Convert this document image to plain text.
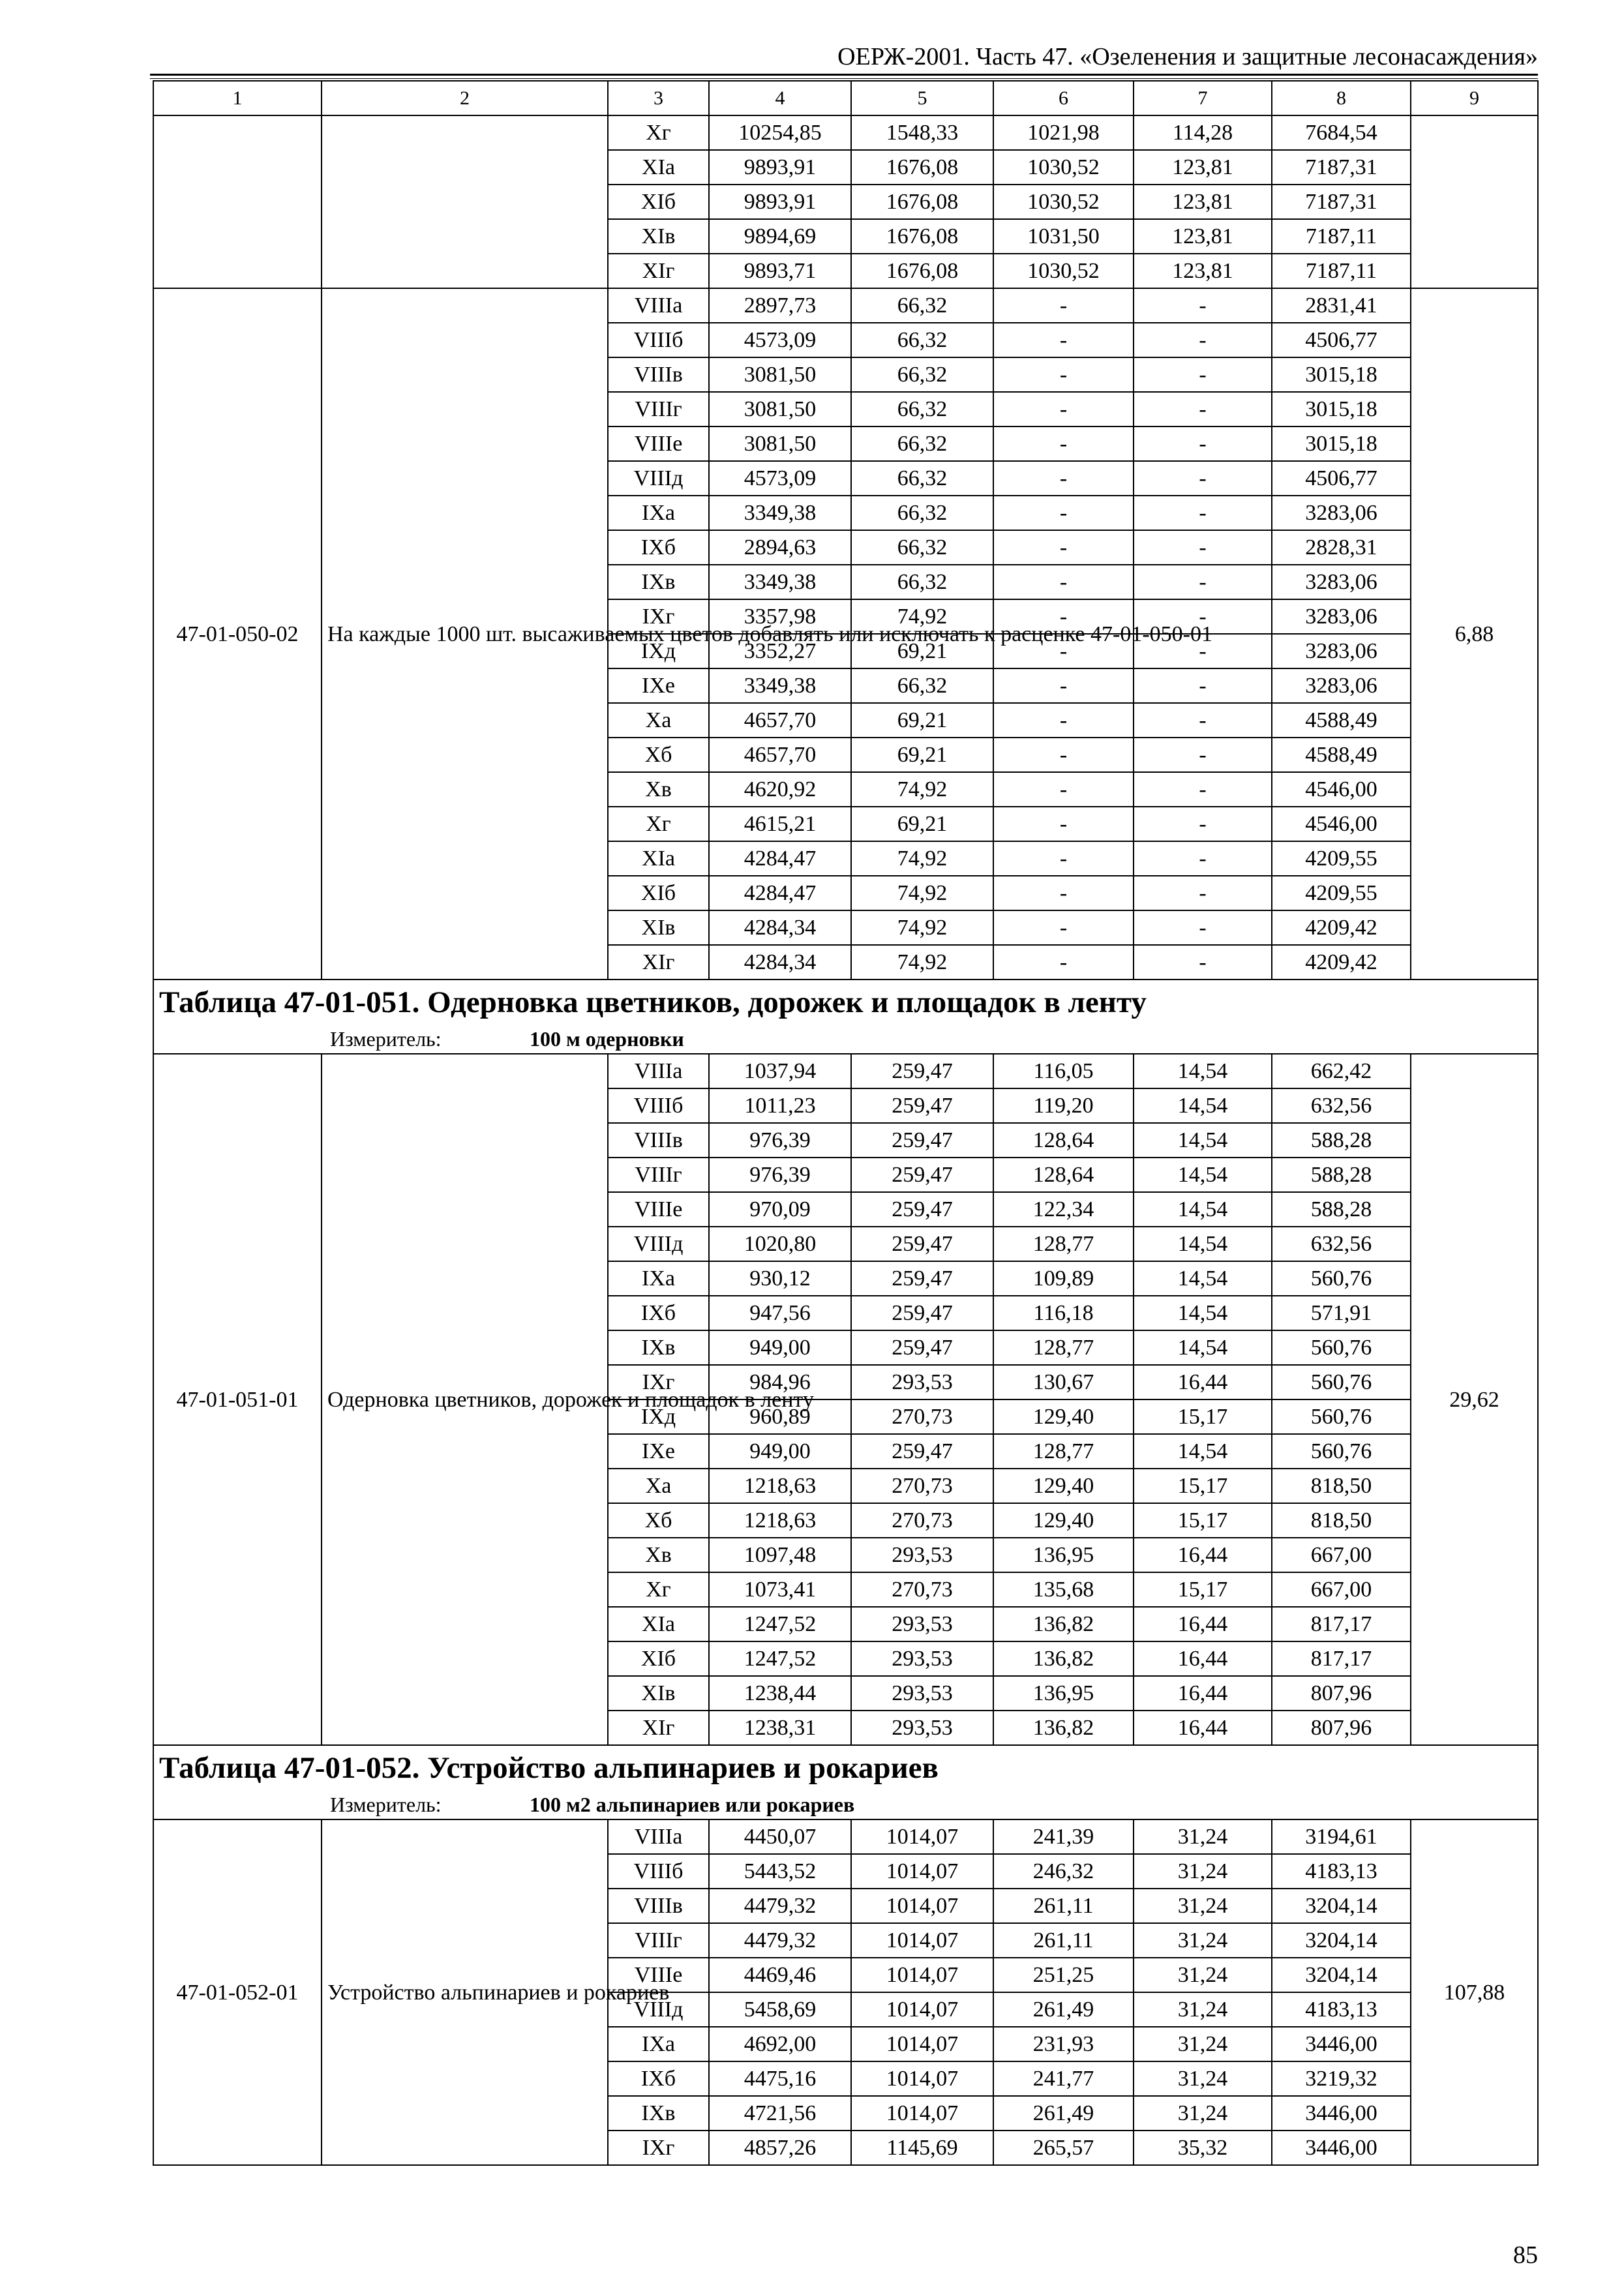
ОЕРЖ-2001. Часть 47. «Озеленения и защитные лесонасаждения»
1	2	3	4	5	6	7	8	9
		Xг	10254,85	1548,33	1021,98	114,28	7684,54	
		XIa	9893,91	1676,08	1030,52	123,81	7187,31	
		XIб	9893,91	1676,08	1030,52	123,81	7187,31	
		XIв	9894,69	1676,08	1031,50	123,81	7187,11	
		XIг	9893,71	1676,08	1030,52	123,81	7187,11	
47-01-050-02	На каждые 1000 шт. высаживаемых цветов добавлять или исключать к расценке 47-01-050-01	VIIIa	2897,73	66,32	-	-	2831,41	6,88
		VIIIб	4573,09	66,32	-	-	4506,77	
		VIIIв	3081,50	66,32	-	-	3015,18	
		VIIIг	3081,50	66,32	-	-	3015,18	
		VIIIe	3081,50	66,32	-	-	3015,18	
		VIIIд	4573,09	66,32	-	-	4506,77	
		IXa	3349,38	66,32	-	-	3283,06	
		IXб	2894,63	66,32	-	-	2828,31	
		IXв	3349,38	66,32	-	-	3283,06	
		IXг	3357,98	74,92	-	-	3283,06	
		IXд	3352,27	69,21	-	-	3283,06	
		IXe	3349,38	66,32	-	-	3283,06	
		Xa	4657,70	69,21	-	-	4588,49	
		Xб	4657,70	69,21	-	-	4588,49	
		Xв	4620,92	74,92	-	-	4546,00	
		Xг	4615,21	69,21	-	-	4546,00	
		XIa	4284,47	74,92	-	-	4209,55	
		XIб	4284,47	74,92	-	-	4209,55	
		XIв	4284,34	74,92	-	-	4209,42	
		XIг	4284,34	74,92	-	-	4209,42	
Таблица 47-01-051. Одерновка цветников, дорожек и площадок в ленту								
Измеритель: 100 м одерновки								
47-01-051-01	Одерновка цветников, дорожек и площадок в ленту	VIIIa	1037,94	259,47	116,05	14,54	662,42	29,62
		VIIIб	1011,23	259,47	119,20	14,54	632,56	
		VIIIв	976,39	259,47	128,64	14,54	588,28	
		VIIIг	976,39	259,47	128,64	14,54	588,28	
		VIIIe	970,09	259,47	122,34	14,54	588,28	
		VIIIд	1020,80	259,47	128,77	14,54	632,56	
		IXa	930,12	259,47	109,89	14,54	560,76	
		IXб	947,56	259,47	116,18	14,54	571,91	
		IXв	949,00	259,47	128,77	14,54	560,76	
		IXг	984,96	293,53	130,67	16,44	560,76	
		IXд	960,89	270,73	129,40	15,17	560,76	
		IXe	949,00	259,47	128,77	14,54	560,76	
		Xa	1218,63	270,73	129,40	15,17	818,50	
		Xб	1218,63	270,73	129,40	15,17	818,50	
		Xв	1097,48	293,53	136,95	16,44	667,00	
		Xг	1073,41	270,73	135,68	15,17	667,00	
		XIa	1247,52	293,53	136,82	16,44	817,17	
		XIб	1247,52	293,53	136,82	16,44	817,17	
		XIв	1238,44	293,53	136,95	16,44	807,96	
		XIг	1238,31	293,53	136,82	16,44	807,96	
Таблица 47-01-052. Устройство альпинариев и рокариев								
Измеритель: 100 м2 альпинариев или рокариев								
47-01-052-01	Устройство альпинариев и рокариев	VIIIa	4450,07	1014,07	241,39	31,24	3194,61	107,88
		VIIIб	5443,52	1014,07	246,32	31,24	4183,13	
		VIIIв	4479,32	1014,07	261,11	31,24	3204,14	
		VIIIг	4479,32	1014,07	261,11	31,24	3204,14	
		VIIIe	4469,46	1014,07	251,25	31,24	3204,14	
		VIIIд	5458,69	1014,07	261,49	31,24	4183,13	
		IXa	4692,00	1014,07	231,93	31,24	3446,00	
		IXб	4475,16	1014,07	241,77	31,24	3219,32	
		IXв	4721,56	1014,07	261,49	31,24	3446,00	
		IXг	4857,26	1145,69	265,57	35,32	3446,00	
85
